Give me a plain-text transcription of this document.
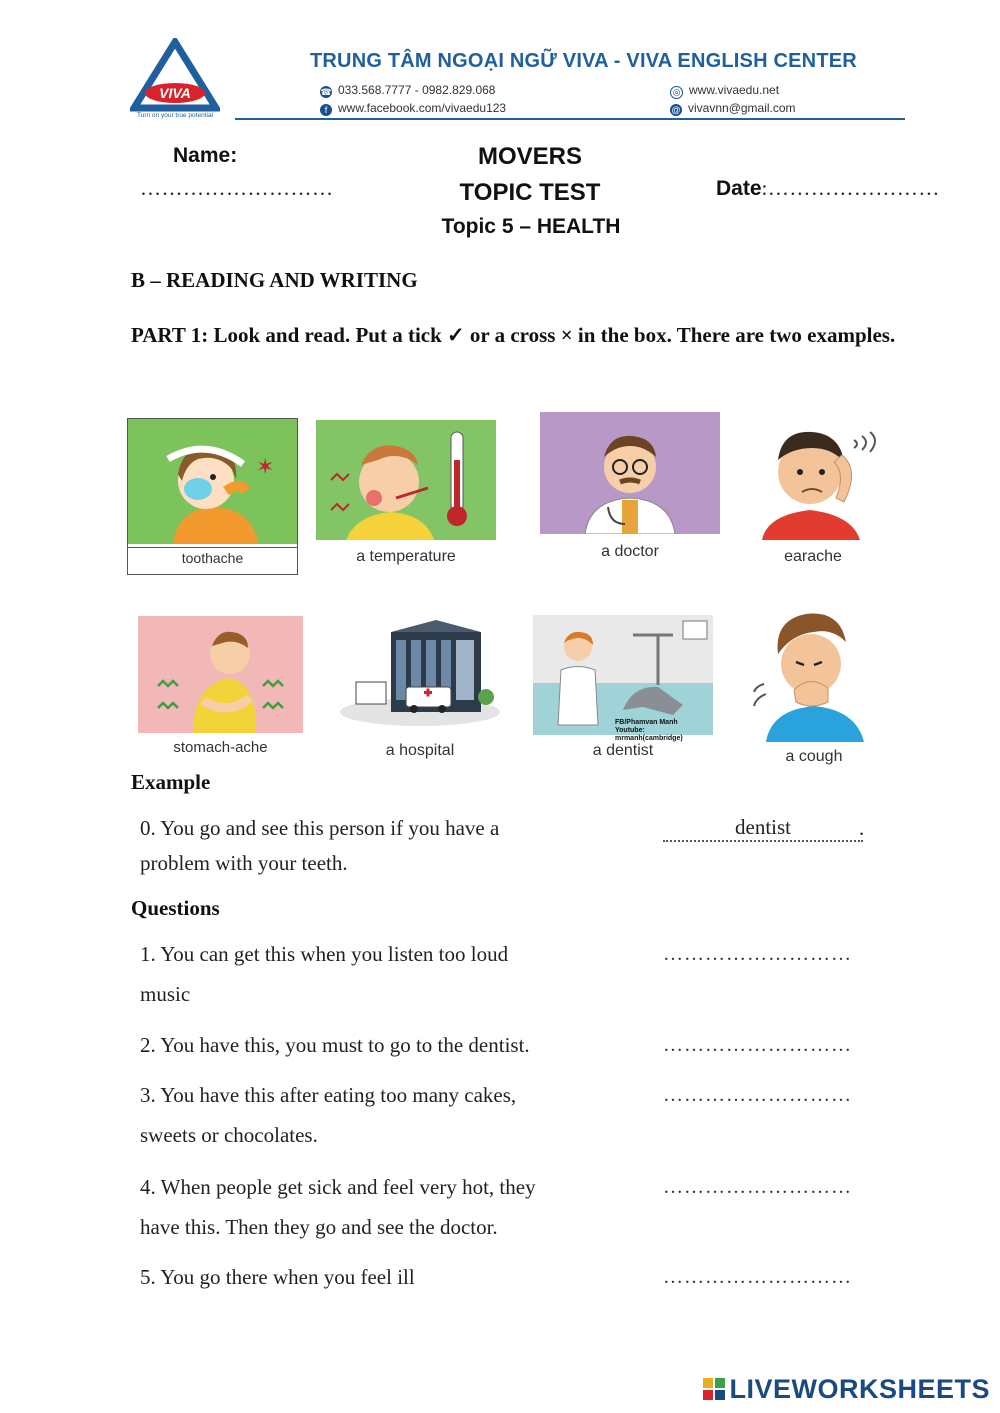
VIVA
Turn on your true potential
TRUNG TÂM NGOẠI NGỮ VIVA - VIVA ENGLISH CENTER
☎ 033.568.7777 - 0982.829.068
f www.facebook.com/vivaedu123
◎ www.vivaedu.net
@ vivavnn@gmail.com
Name:
………………………
MOVERS
TOPIC TEST
Topic 5 – HEALTH
Date:……………………
B – READING AND WRITING
PART 1: Look and read. Put a tick ✓ or a cross × in the box. There are two examples.
✶
toothache	a temperature	a doctor	earache
stomach-ache	a hospital
FB/Phamvan Manh
Youtube: mrmanh(cambridge)
a dentist	a cough
Example
0. You go and see this person if you have a
problem with your teeth.
dentist	.
Questions
1. You can get this when you listen too loud
music
………………………
2. You have this, you must to go to the dentist.	………………………
3. You have this after eating too many cakes,
sweets or chocolates.
………………………
4. When people get sick and feel very hot, they
have this. Then they go and see the doctor.
………………………
5. You go there when you feel ill	………………………
LIVEWORKSHEETS
